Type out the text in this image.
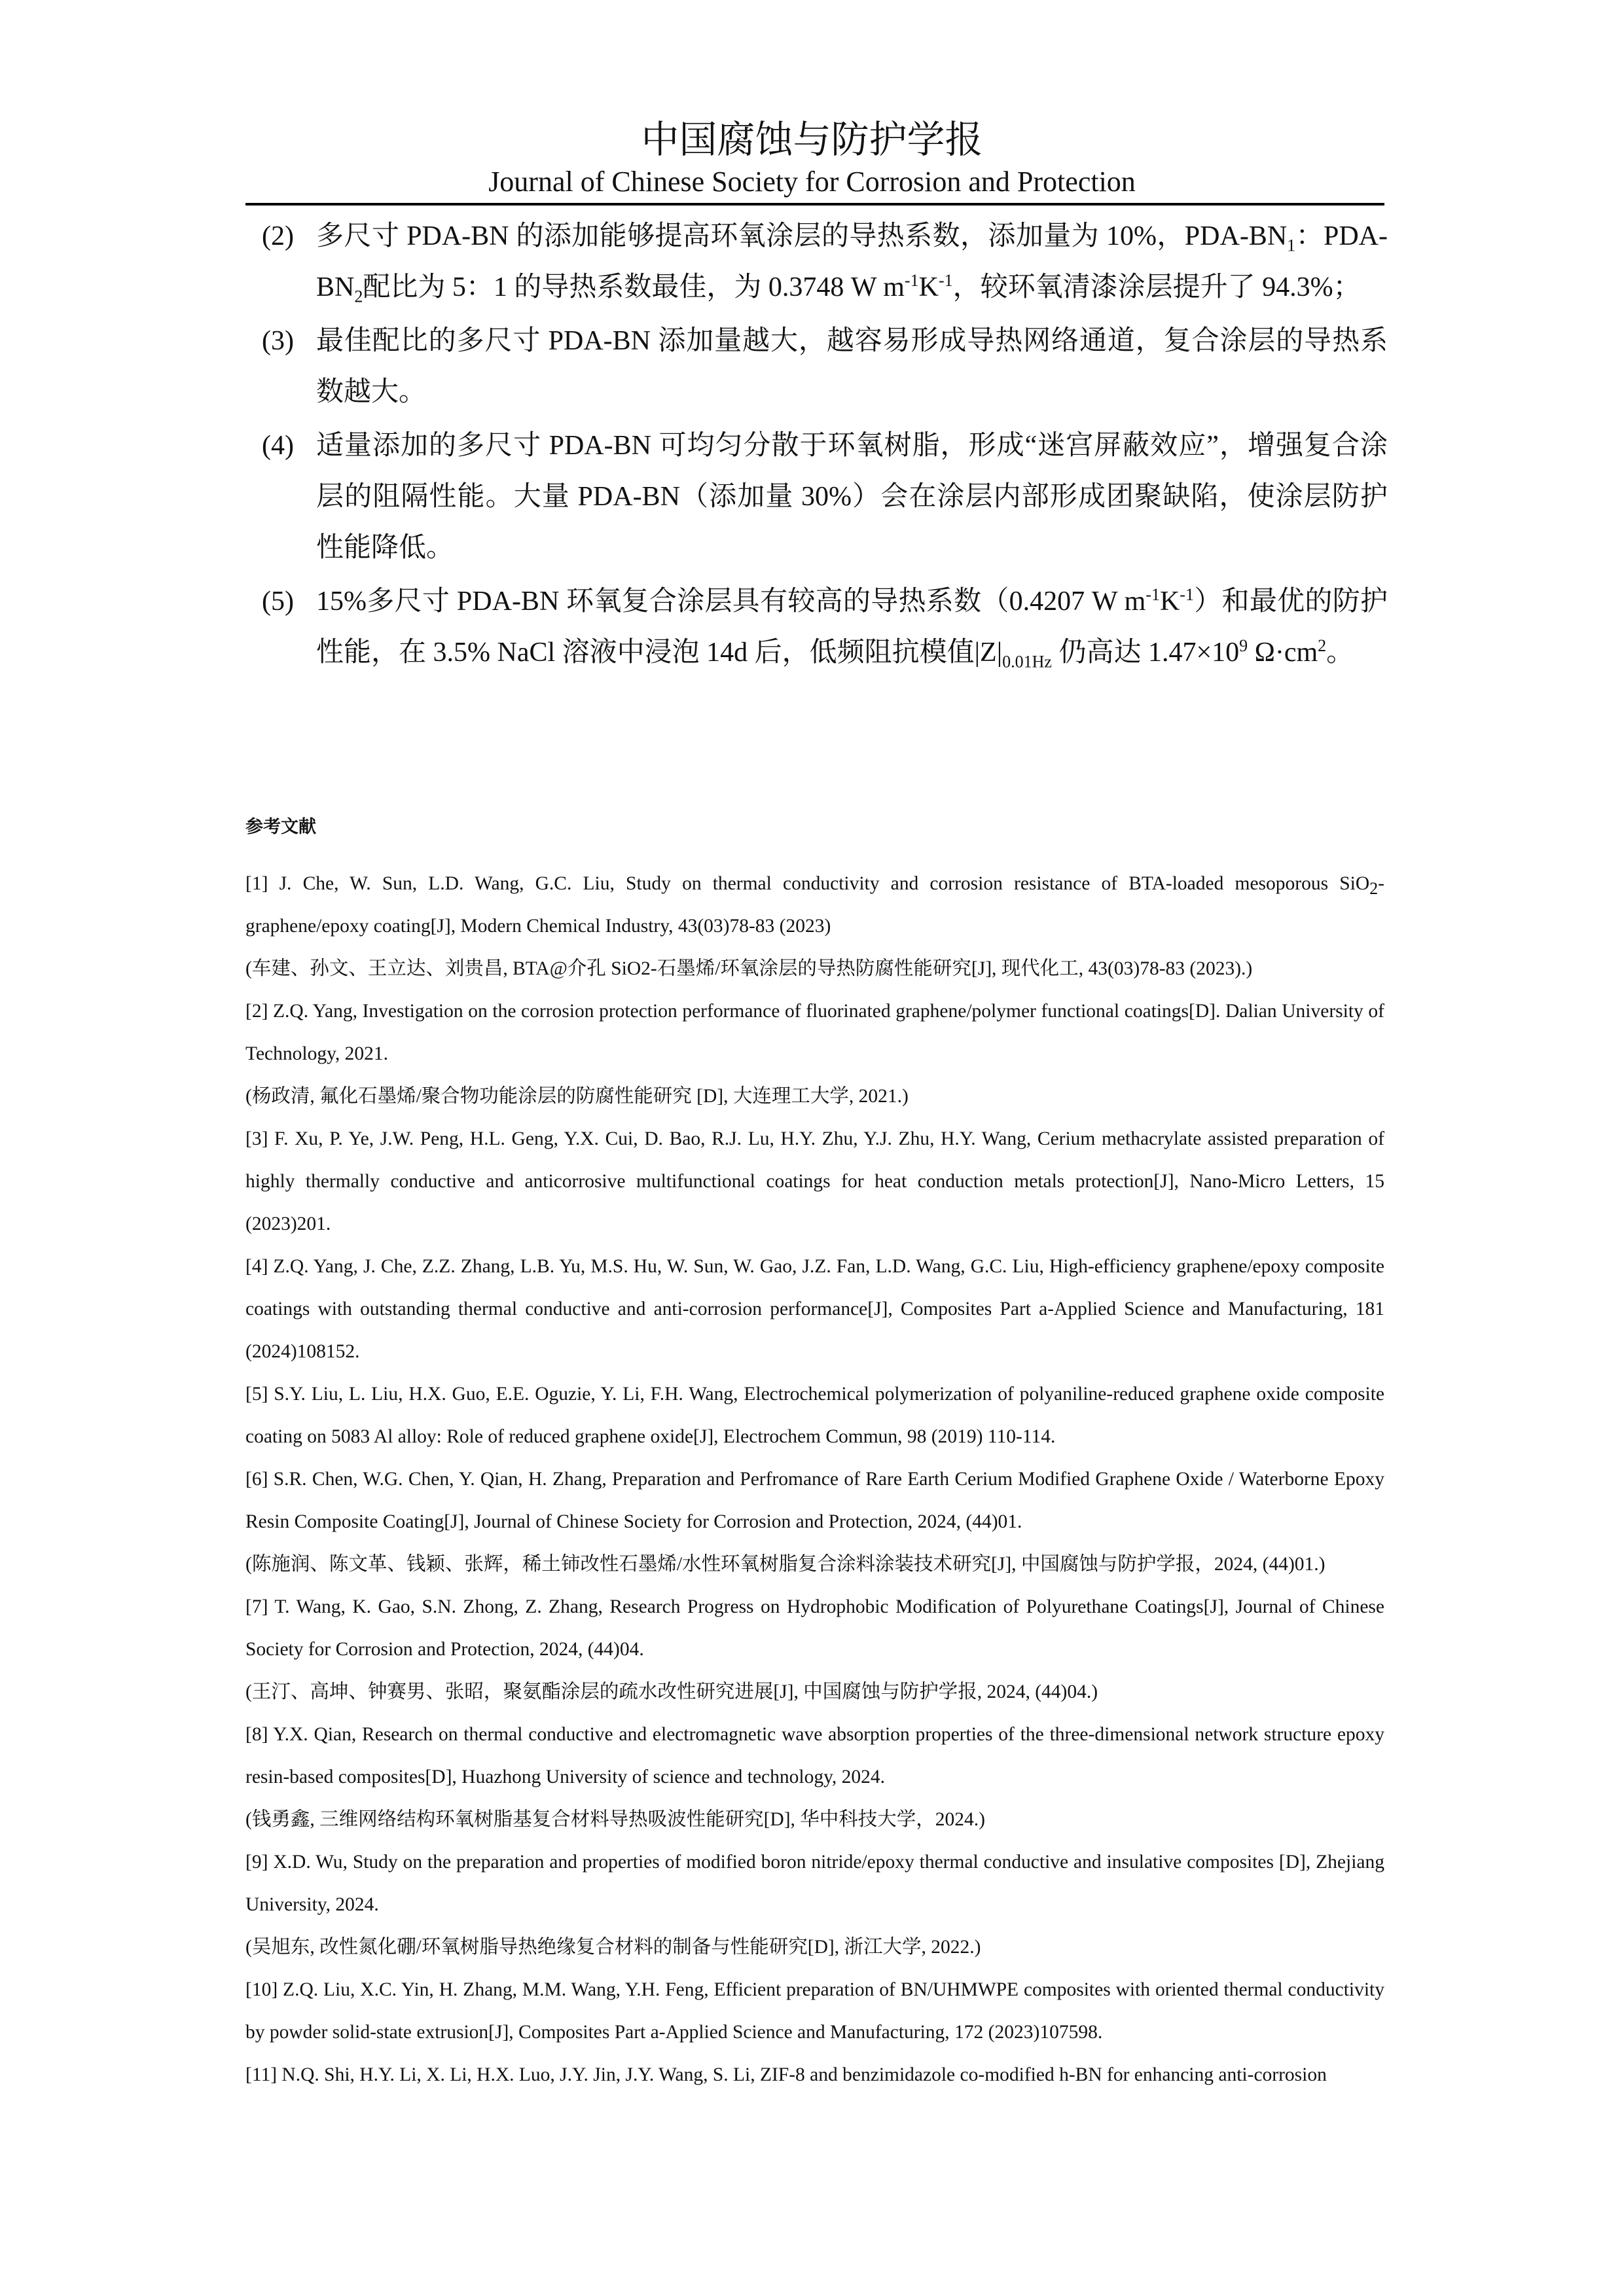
中国腐蚀与防护学报
Journal of Chinese Society for Corrosion and Protection
(2) 多尺寸 PDA-BN 的添加能够提高环氧涂层的导热系数，添加量为 10%，PDA-$BN_1$：PDA-$BN_2$配比为 5：1 的导热系数最佳，为 0.3748 W $m^{-1}K^{-1}$，较环氧清漆涂层提升了 94.3%；
(3) 最佳配比的多尺寸 PDA-BN 添加量越大，越容易形成导热网络通道，复合涂层的导热系数越大。
(4) 适量添加的多尺寸 PDA-BN 可均匀分散于环氧树脂，形成“迷宫屏蔽效应”，增强复合涂层的阻隔性能。大量 PDA-BN（添加量 30%）会在涂层内部形成团聚缺陷，使涂层防护性能降低。
(5) 15%多尺寸 PDA-BN 环氧复合涂层具有较高的导热系数（0.4207 W $m^{-1}K^{-1}$）和最优的防护性能，在 3.5% NaCl 溶液中浸泡 14d 后，低频阻抗模值$|Z|_{0.01Hz}$ 仍高达 $1.47\times 10^9$ $\Omega\cdot cm^2$。
参考文献

[1] J. Che, W. Sun, L.D. Wang, G.C. Liu, Study on thermal conductivity and corrosion resistance of BTA-loaded mesoporous SiO$_2$-graphene/epoxy coating[J], Modern Chemical Industry, 43(03)78-83 (2023)

(车建、孙文、王立达、刘贵昌, BTA@介孔 SiO2-石墨烯/环氧涂层的导热防腐性能研究[J], 现代化工, 43(03)78-83 (2023).)

[2] Z.Q. Yang, Investigation on the corrosion protection performance of fluorinated graphene/polymer functional coatings[D]. Dalian University of Technology, 2021.

(杨政清, 氟化石墨烯/聚合物功能涂层的防腐性能研究 [D], 大连理工大学, 2021.)

[3] F. Xu, P. Ye, J.W. Peng, H.L. Geng, Y.X. Cui, D. Bao, R.J. Lu, H.Y. Zhu, Y.J. Zhu, H.Y. Wang, Cerium methacrylate assisted preparation of highly thermally conductive and anticorrosive multifunctional coatings for heat conduction metals protection[J], Nano-Micro Letters, 15 (2023)201.

[4] Z.Q. Yang, J. Che, Z.Z. Zhang, L.B. Yu, M.S. Hu, W. Sun, W. Gao, J.Z. Fan, L.D. Wang, G.C. Liu, High-efficiency graphene/epoxy composite coatings with outstanding thermal conductive and anti-corrosion performance[J], Composites Part a-Applied Science and Manufacturing, 181 (2024)108152.

[5] S.Y. Liu, L. Liu, H.X. Guo, E.E. Oguzie, Y. Li, F.H. Wang, Electrochemical polymerization of polyaniline-reduced graphene oxide composite coating on 5083 Al alloy: Role of reduced graphene oxide[J], Electrochem Commun, 98 (2019) 110-114.

[6] S.R. Chen, W.G. Chen, Y. Qian, H. Zhang, Preparation and Perfromance of Rare Earth Cerium Modified Graphene Oxide / Waterborne Epoxy Resin Composite Coating[J], Journal of Chinese Society for Corrosion and Protection, 2024, (44)01.

(陈施润、陈文革、钱颖、张辉，稀土铈改性石墨烯/水性环氧树脂复合涂料涂装技术研究[J], 中国腐蚀与防护学报，2024, (44)01.)

[7] T. Wang, K. Gao, S.N. Zhong, Z. Zhang, Research Progress on Hydrophobic Modification of Polyurethane Coatings[J], Journal of Chinese Society for Corrosion and Protection, 2024, (44)04.

(王汀、高坤、钟赛男、张昭，聚氨酯涂层的疏水改性研究进展[J], 中国腐蚀与防护学报, 2024, (44)04.)

[8] Y.X. Qian, Research on thermal conductive and electromagnetic wave absorption properties of the three-dimensional network structure epoxy resin-based composites[D], Huazhong University of science and technology, 2024.

(钱勇鑫, 三维网络结构环氧树脂基复合材料导热吸波性能研究[D], 华中科技大学，2024.)

[9] X.D. Wu, Study on the preparation and properties of modified boron nitride/epoxy thermal conductive and insulative composites [D], Zhejiang University, 2024.

(吴旭东, 改性氮化硼/环氧树脂导热绝缘复合材料的制备与性能研究[D], 浙江大学, 2022.)

[10] Z.Q. Liu, X.C. Yin, H. Zhang, M.M. Wang, Y.H. Feng, Efficient preparation of BN/UHMWPE composites with oriented thermal conductivity by powder solid-state extrusion[J], Composites Part a-Applied Science and Manufacturing, 172 (2023)107598.

[11] N.Q. Shi, H.Y. Li, X. Li, H.X. Luo, J.Y. Jin, J.Y. Wang, S. Li, ZIF-8 and benzimidazole co-modified h-BN for enhancing anti-corrosion
